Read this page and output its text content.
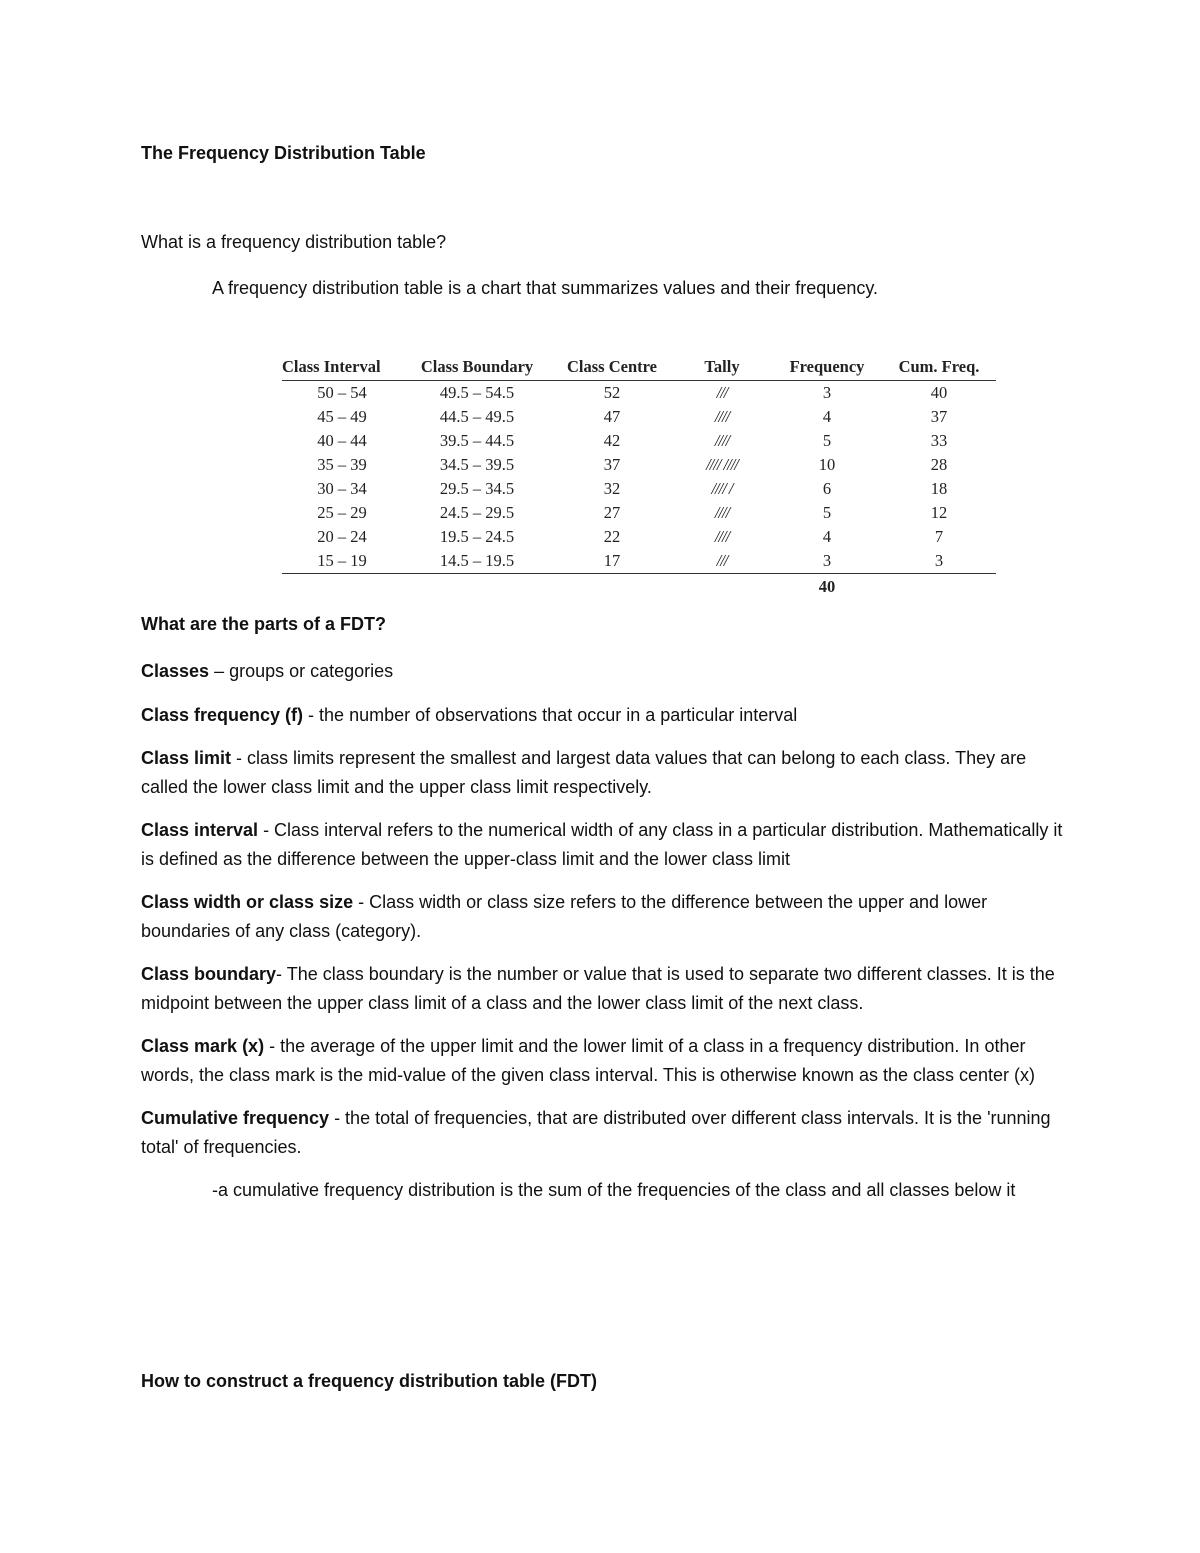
The Frequency Distribution Table
What is a frequency distribution table?
A frequency distribution table is a chart that summarizes values and their frequency.
Class Interval	Class Boundary	Class Centre	Tally	Frequency	Cum. Freq.
50 – 54	49.5 – 54.5	52	///	3	40
45 – 49	44.5 – 49.5	47	////	4	37
40 – 44	39.5 – 44.5	42	////	5	33
35 – 39	34.5 – 39.5	37	//// ////	10	28
30 – 34	29.5 – 34.5	32	//// /	6	18
25 – 29	24.5 – 29.5	27	////	5	12
20 – 24	19.5 – 24.5	22	////	4	7
15 – 19	14.5 – 19.5	17	///	3	3
				40	
What are the parts of a FDT?

Classes – groups or categories

Class frequency (f) - the number of observations that occur in a particular interval

Class limit - class limits represent the smallest and largest data values that can belong to each class. They are called the lower class limit and the upper class limit respectively.

Class interval - Class interval refers to the numerical width of any class in a particular distribution. Mathematically it is defined as the difference between the upper-class limit and the lower class limit

Class width or class size - Class width or class size refers to the difference between the upper and lower boundaries of any class (category).

Class boundary- The class boundary is the number or value that is used to separate two different classes. It is the midpoint between the upper class limit of a class and the lower class limit of the next class.

Class mark (x) - the average of the upper limit and the lower limit of a class in a frequency distribution. In other words, the class mark is the mid-value of the given class interval. This is otherwise known as the class center (x)

Cumulative frequency - the total of frequencies, that are distributed over different class intervals. It is the 'running total' of frequencies.

-a cumulative frequency distribution is the sum of the frequencies of the class and all classes below it

How to construct a frequency distribution table (FDT)
